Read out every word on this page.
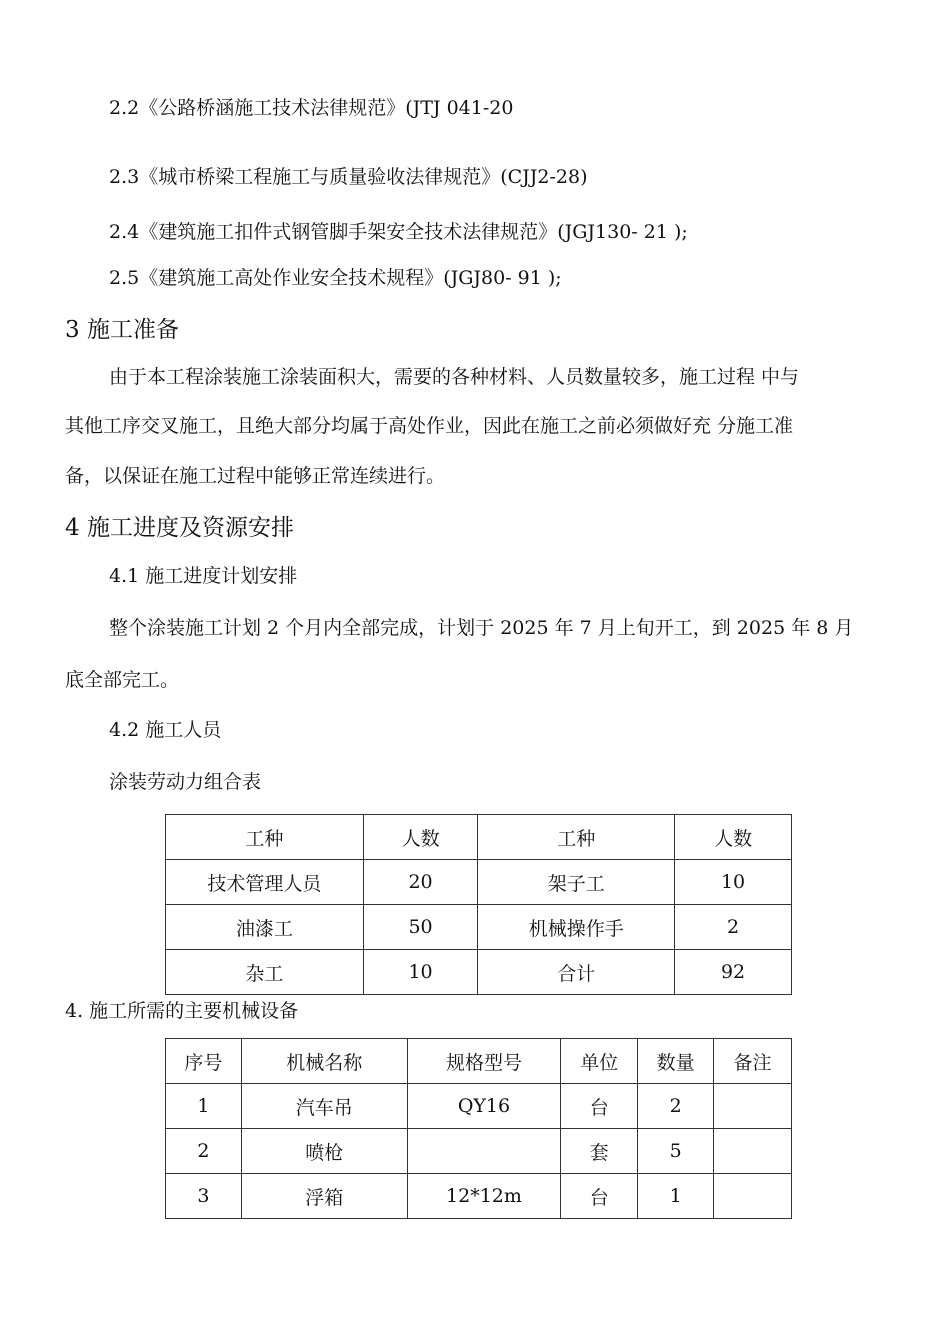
2.2《公路桥涵施工技术法律规范》(JTJ 041-20
2.3《城市桥梁工程施工与质量验收法律规范》(CJJ2-28)
2.4《建筑施工扣件式钢管脚手架安全技术法律规范》(JGJ130- 21 );
2.5《建筑施工高处作业安全技术规程》(JGJ80- 91 );
3 施工准备
由于本工程涂装施工涂装面积大，需要的各种材料、人员数量较多，施工过程 中与
其他工序交叉施工，且绝大部分均属于高处作业，因此在施工之前必须做好充 分施工准
备，以保证在施工过程中能够正常连续进行。
4 施工进度及资源安排
4.1 施工进度计划安排
整个涂装施工计划 2 个月内全部完成，计划于 2025 年 7 月上旬开工，到 2025 年 8 月
底全部完工。
4.2 施工人员
涂装劳动力组合表
工种	人数	工种	人数
技术管理人员	20	架子工	10
油漆工	50	机械操作手	2
杂工	10	合计	92
4. 施工所需的主要机械设备
序号	机械名称	规格型号	单位	数量	备注
1	汽车吊	QY16	台	2	
2	喷枪		套	5	
3	浮箱	12*12m	台	1	
